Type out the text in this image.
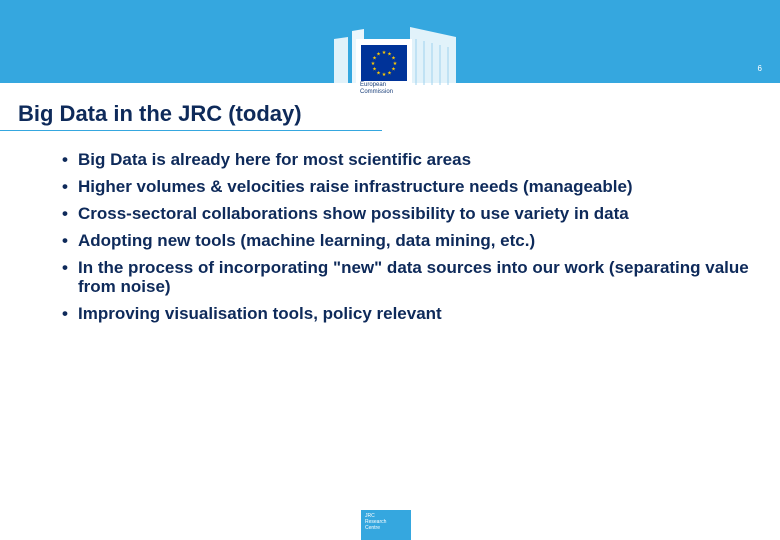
★ ★
★
★
★
★
★
★
★
★
★
★
European
Commission
6
Big Data in the JRC (today)
• Big Data is already here for most scientific areas
• Higher volumes & velocities raise infrastructure needs (manageable)
• Cross-sectoral collaborations show possibility to use variety in data
• Adopting new tools (machine learning, data mining, etc.)
• In the process of incorporating "new" data sources into our work (separating value from noise)
• Improving visualisation tools, policy relevant
JRC
Research
Centre
